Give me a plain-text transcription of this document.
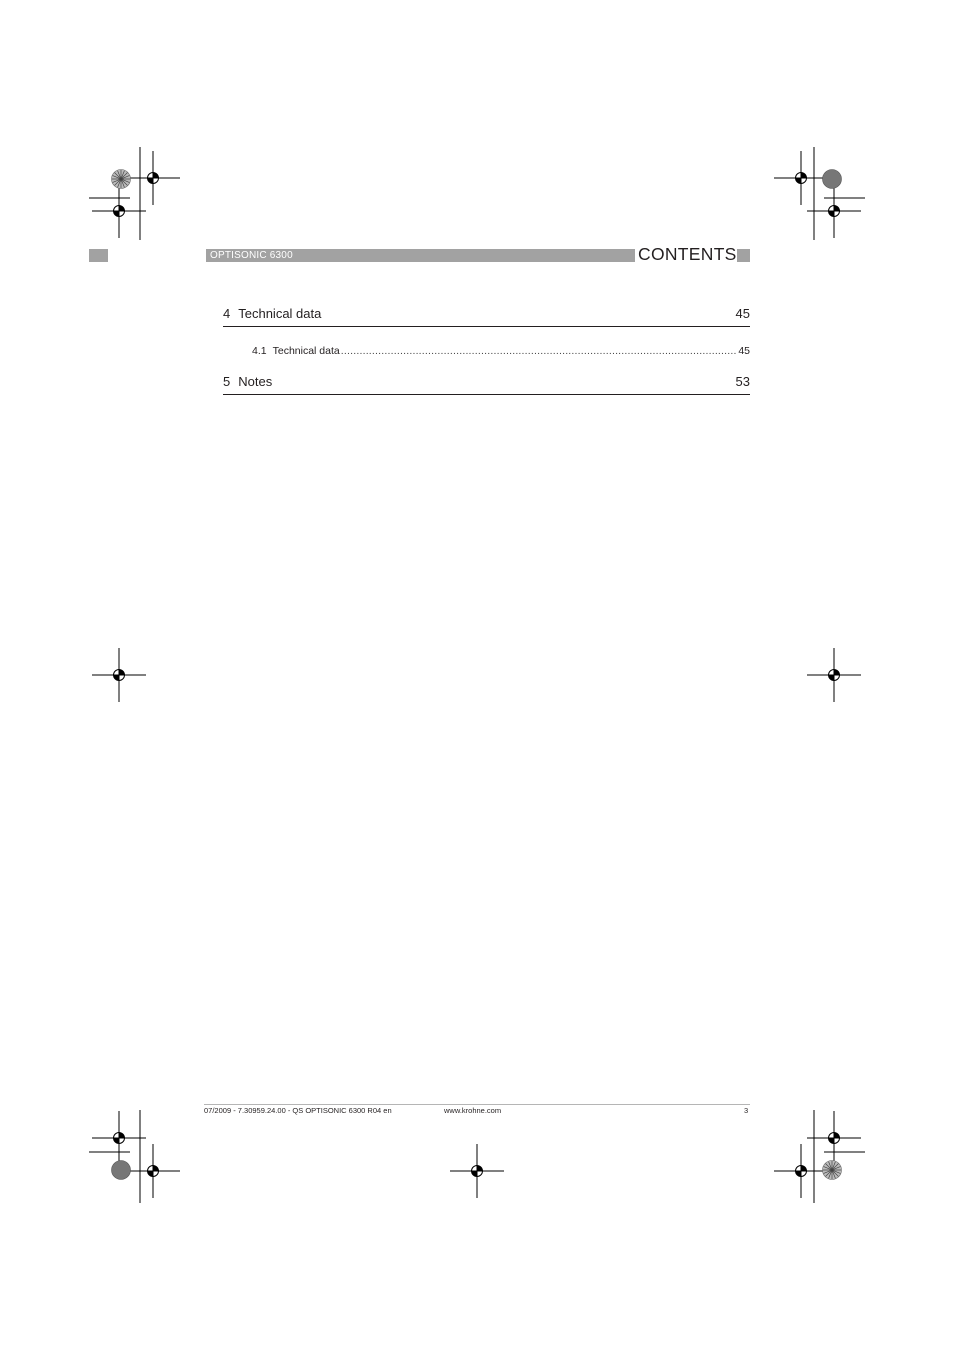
OPTISONIC 6300	CONTENTS
4 Technical data	45
4.1 Technical data .....	45
5 Notes	53
07/2009 - 7.30959.24.00 - QS OPTISONIC 6300 R04 en	www.krohne.com	3
